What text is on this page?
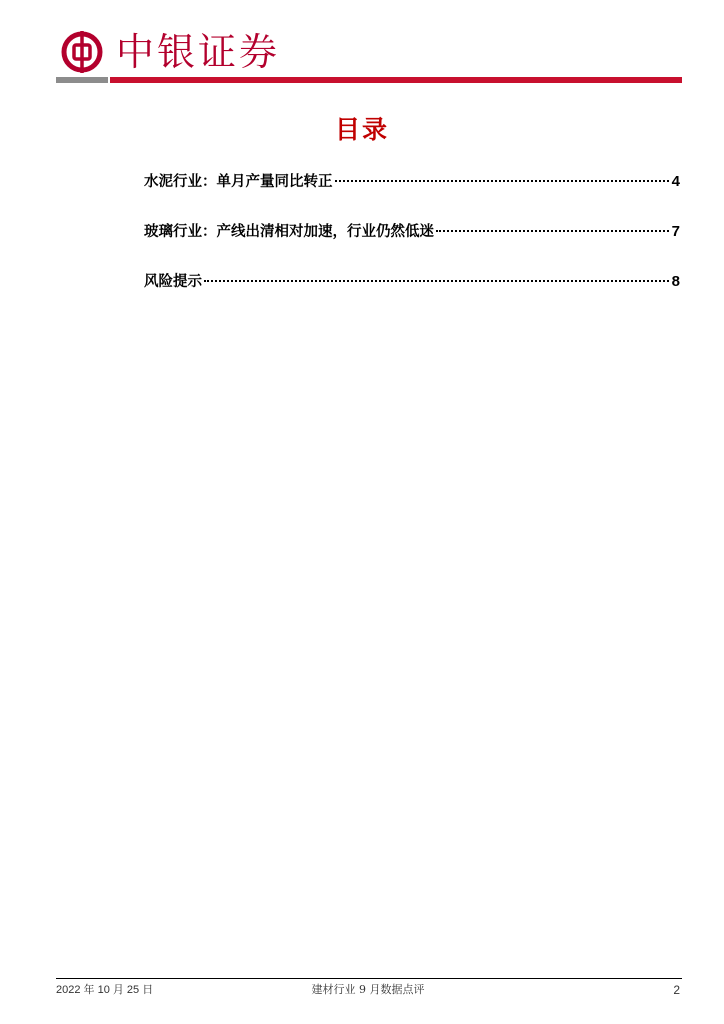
中银证券
目录
水泥行业：单月产量同比转正	4
玻璃行业：产线出清相对加速，行业仍然低迷	7
风险提示	8
2022 年 10 月 25 日	建材行业 9 月数据点评	2
